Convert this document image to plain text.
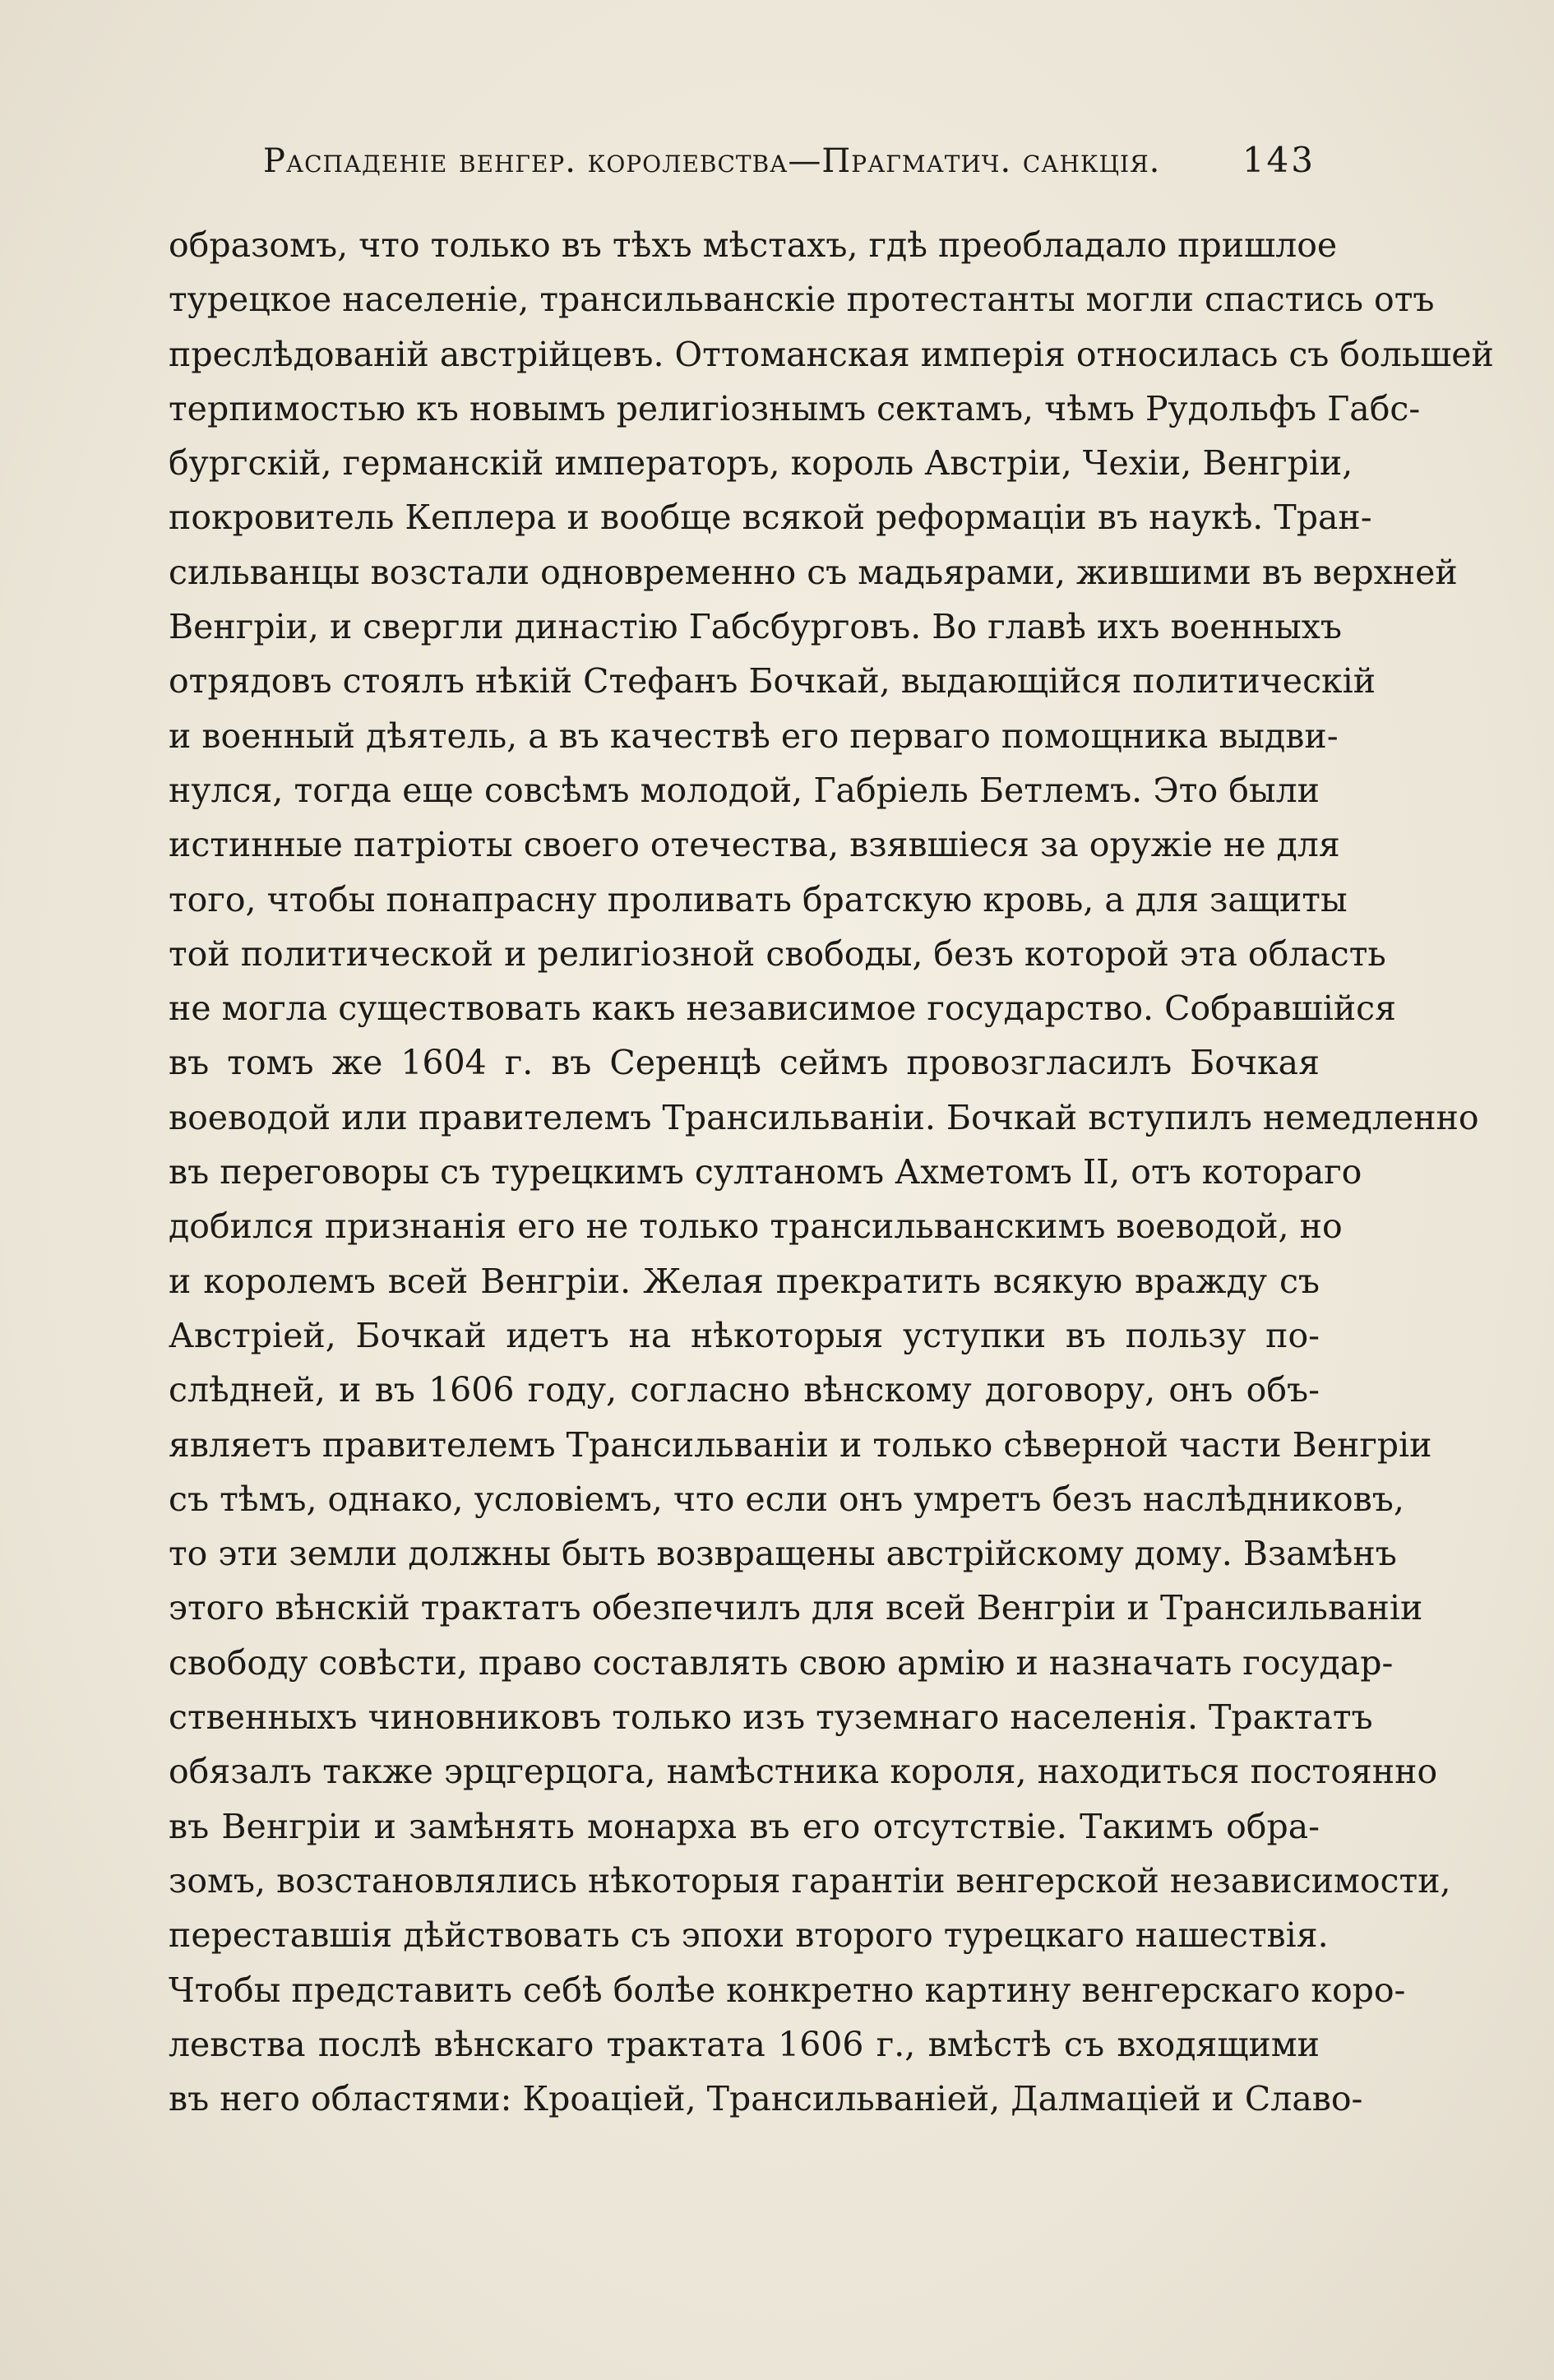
Распаденіе венгер. королевства—Прагматич. санкція. 143
образомъ, что только въ тѣхъ мѣстахъ, гдѣ преобладало пришлое
турецкое населеніе, трансильванскіе протестанты могли спастись отъ
преслѣдованій австрійцевъ. Оттоманская имперія относилась съ большей
терпимостью къ новымъ религіознымъ сектамъ, чѣмъ Рудольфъ Габс-
бургскій, германскій императоръ, король Австріи, Чехіи, Венгріи,
покровитель Кеплера и вообще всякой реформаціи въ наукѣ. Тран-
сильванцы возстали одновременно съ мадьярами, жившими въ верхней
Венгріи, и свергли династію Габсбурговъ. Во главѣ ихъ военныхъ
отрядовъ стоялъ нѣкій Стефанъ Бочкай, выдающійся политическій
и военный дѣятель, а въ качествѣ его перваго помощника выдви-
нулся, тогда еще совсѣмъ молодой, Габріель Бетлемъ. Это были
истинные патріоты своего отечества, взявшіеся за оружіе не для
того, чтобы понапрасну проливать братскую кровь, а для защиты
той политической и религіозной свободы, безъ которой эта область
не могла существовать какъ независимое государство. Собравшійся
въ томъ же 1604 г. въ Серенцѣ сеймъ провозгласилъ Бочкая
воеводой или правителемъ Трансильваніи. Бочкай вступилъ немедленно
въ переговоры съ турецкимъ султаномъ Ахметомъ II, отъ котораго
добился признанія его не только трансильванскимъ воеводой, но
и королемъ всей Венгріи. Желая прекратить всякую вражду съ
Австріей, Бочкай идетъ на нѣкоторыя уступки въ пользу по-
слѣдней, и въ 1606 году, согласно вѣнскому договору, онъ объ-
являетъ правителемъ Трансильваніи и только сѣверной части Венгріи
съ тѣмъ, однако, условіемъ, что если онъ умретъ безъ наслѣдниковъ,
то эти земли должны быть возвращены австрійскому дому. Взамѣнъ
этого вѣнскій трактатъ обезпечилъ для всей Венгріи и Трансильваніи
свободу совѣсти, право составлять свою армію и назначать государ-
ственныхъ чиновниковъ только изъ туземнаго населенія. Трактатъ
обязалъ также эрцгерцога, намѣстника короля, находиться постоянно
въ Венгріи и замѣнять монарха въ его отсутствіе. Такимъ обра-
зомъ, возстановлялись нѣкоторыя гарантіи венгерской независимости,
переставшія дѣйствовать съ эпохи второго турецкаго нашествія.
Чтобы представить себѣ болѣе конкретно картину венгерскаго коро-
левства послѣ вѣнскаго трактата 1606 г., вмѣстѣ съ входящими
въ него областями: Кроаціей, Трансильваніей, Далмаціей и Славо-
